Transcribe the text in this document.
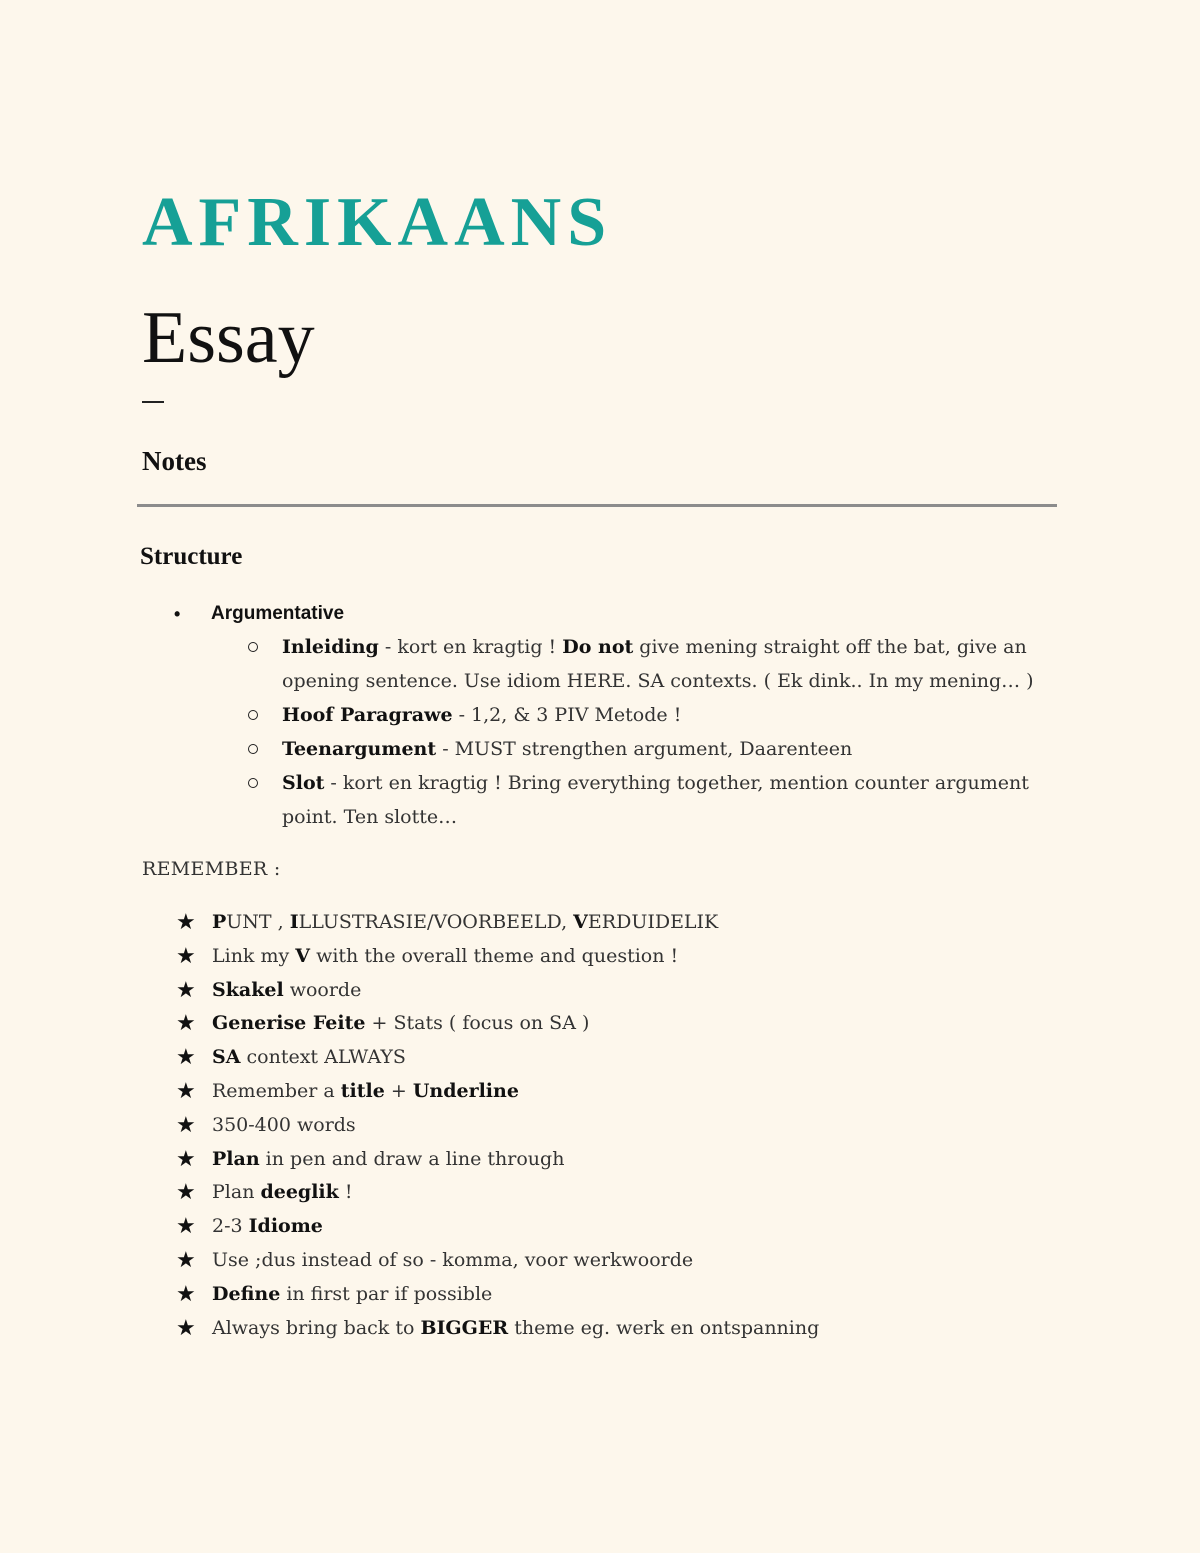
AFRIKAANS
Essay
Notes
Structure
• Argumentative
Inleiding - kort en kragtig ! Do not give mening straight off the bat, give an opening sentence. Use idiom HERE. SA contexts. ( Ek dink.. In my mening… )
Hoof Paragrawe - 1,2, & 3 PIV Metode !
Teenargument - MUST strengthen argument, Daarenteen
Slot - kort en kragtig ! Bring everything together, mention counter argument point. Ten slotte…
REMEMBER :
★ PUNT , ILLUSTRASIE/VOORBEELD, VERDUIDELIK
★ Link my V with the overall theme and question !
★ Skakel woorde
★ Generise Feite + Stats ( focus on SA )
★ SA context ALWAYS
★ Remember a title + Underline
★ 350-400 words
★ Plan in pen and draw a line through
★ Plan deeglik !
★ 2-3 Idiome
★ Use ;dus instead of so - komma, voor werkwoorde
★ Define in first par if possible
★ Always bring back to BIGGER theme eg. werk en ontspanning
